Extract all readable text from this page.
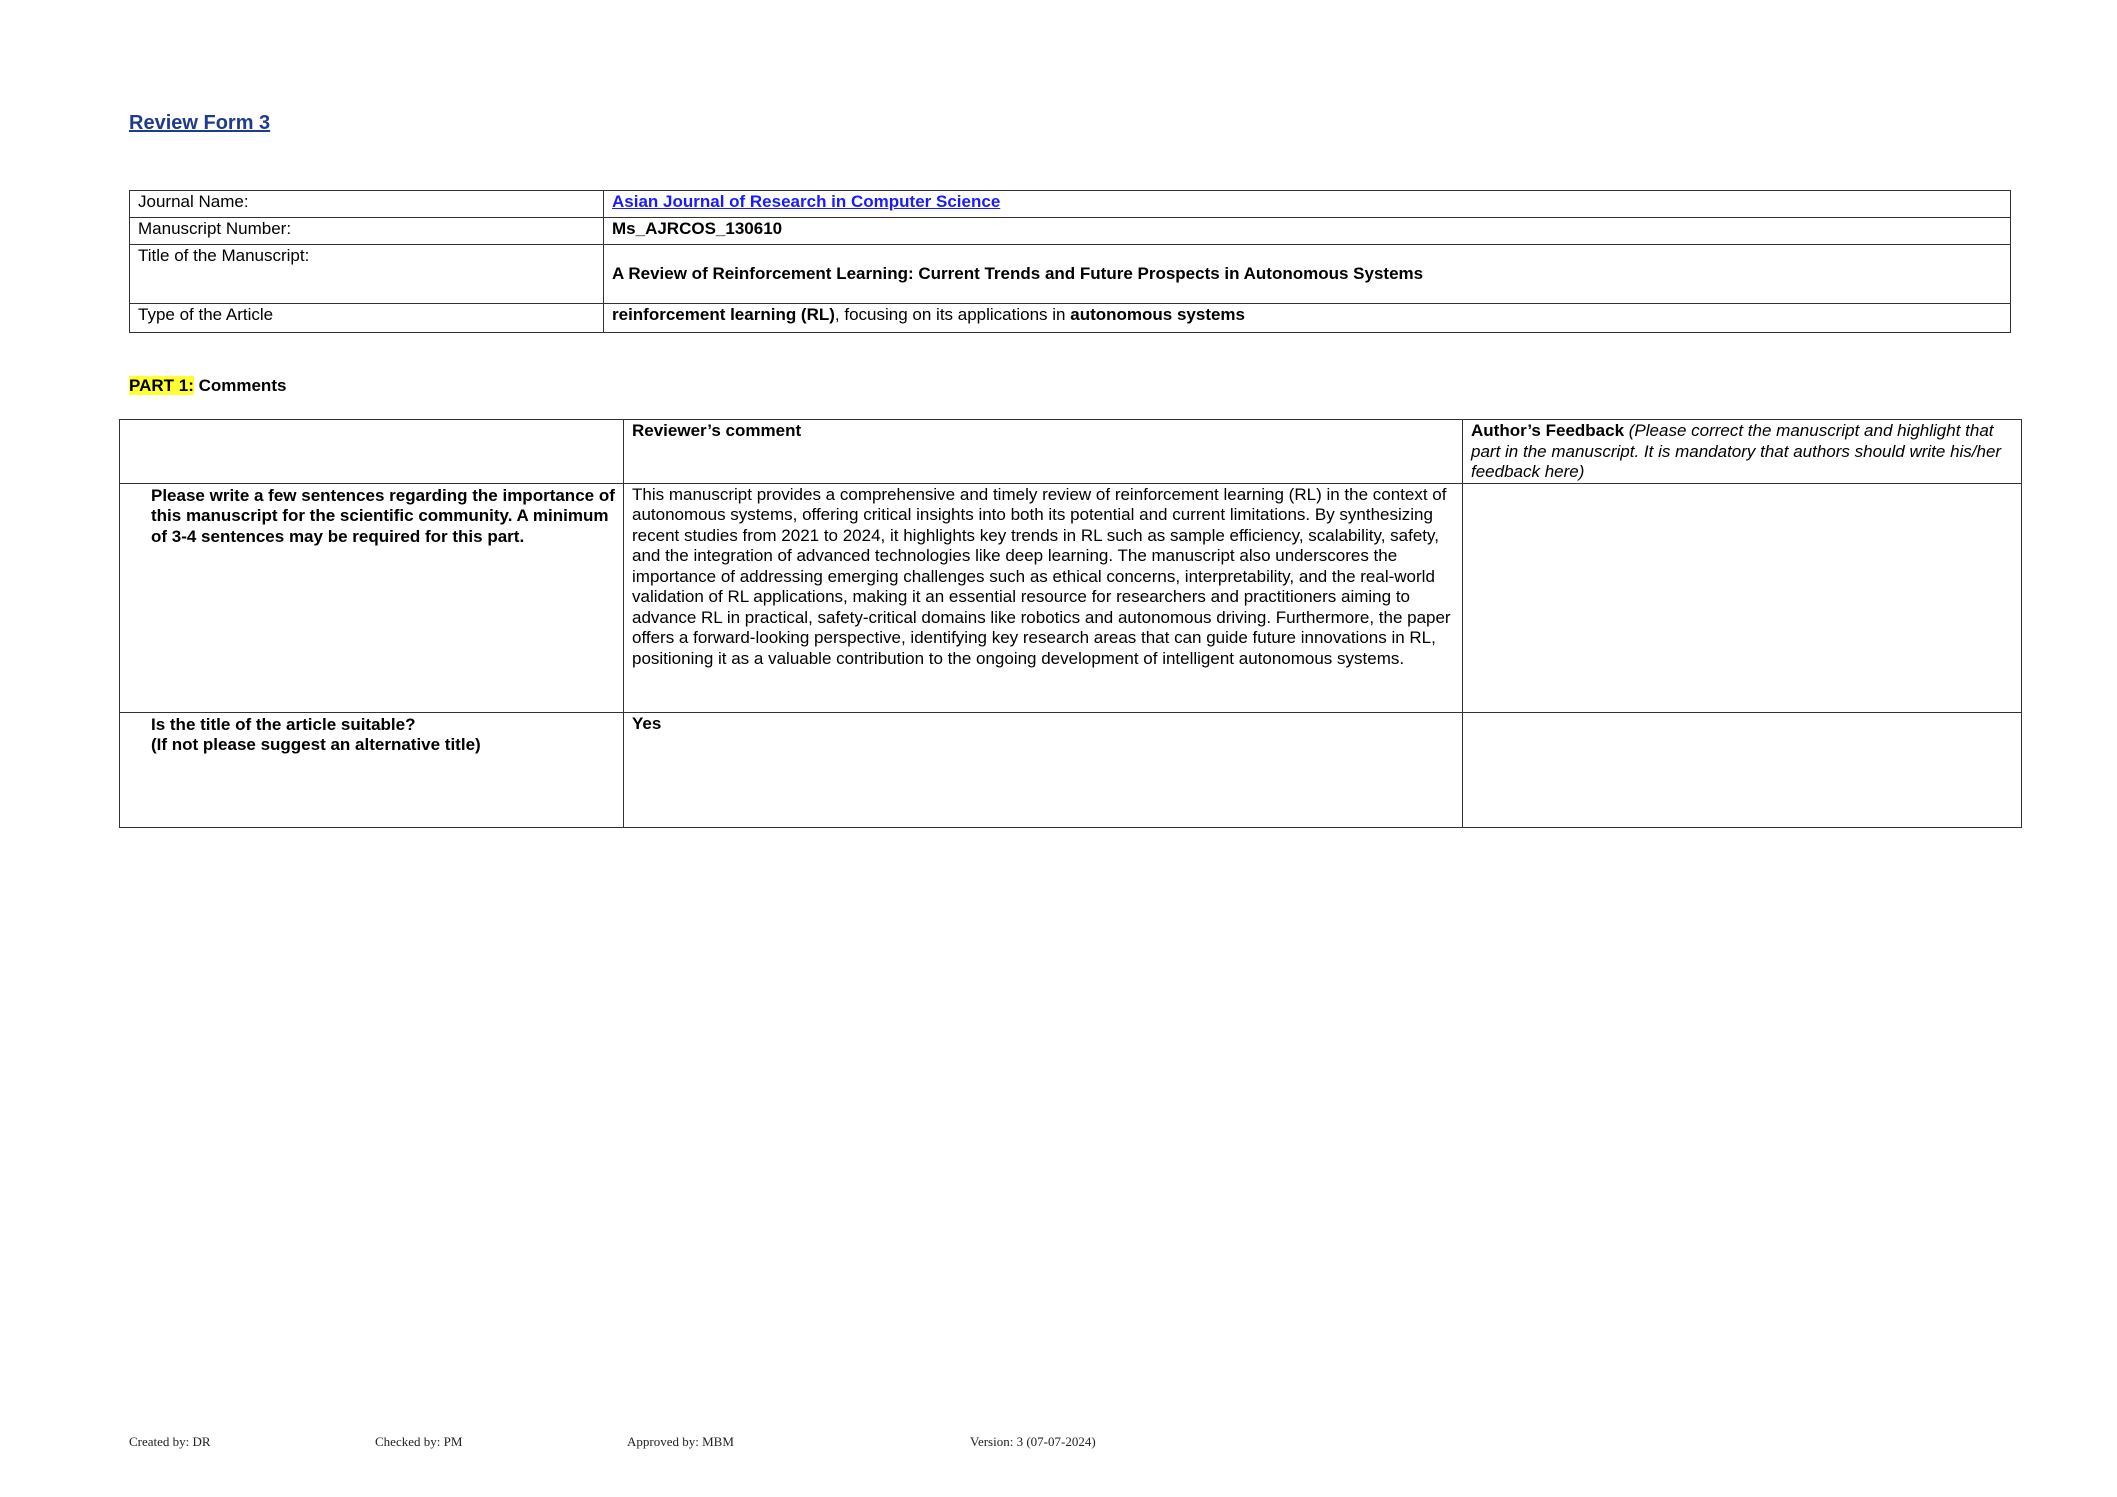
Review Form 3
Journal Name:	Asian Journal of Research in Computer Science
Manuscript Number:	Ms_AJRCOS_130610
Title of the Manuscript:	A Review of Reinforcement Learning: Current Trends and Future Prospects in Autonomous Systems
Type of the Article	reinforcement learning (RL), focusing on its applications in autonomous systems
PART 1: Comments
	Reviewer’s comment	Author’s Feedback (Please correct the manuscript and highlight that part in the manuscript. It is mandatory that authors should write his/her feedback here)
Please write a few sentences regarding the importance of this manuscript for the scientific community. A minimum of 3-4 sentences may be required for this part.	This manuscript provides a comprehensive and timely review of reinforcement learning (RL) in the context of autonomous systems, offering critical insights into both its potential and current limitations. By synthesizing recent studies from 2021 to 2024, it highlights key trends in RL such as sample efficiency, scalability, safety, and the integration of advanced technologies like deep learning. The manuscript also underscores the importance of addressing emerging challenges such as ethical concerns, interpretability, and the real-world validation of RL applications, making it an essential resource for researchers and practitioners aiming to advance RL in practical, safety-critical domains like robotics and autonomous driving. Furthermore, the paper offers a forward-looking perspective, identifying key research areas that can guide future innovations in RL, positioning it as a valuable contribution to the ongoing development of intelligent autonomous systems.	

Is the title of the article suitable?
(If not please suggest an alternative title)	Yes	
Created by: DR	Checked by: PM	Approved by: MBM	Version: 3 (07-07-2024)
